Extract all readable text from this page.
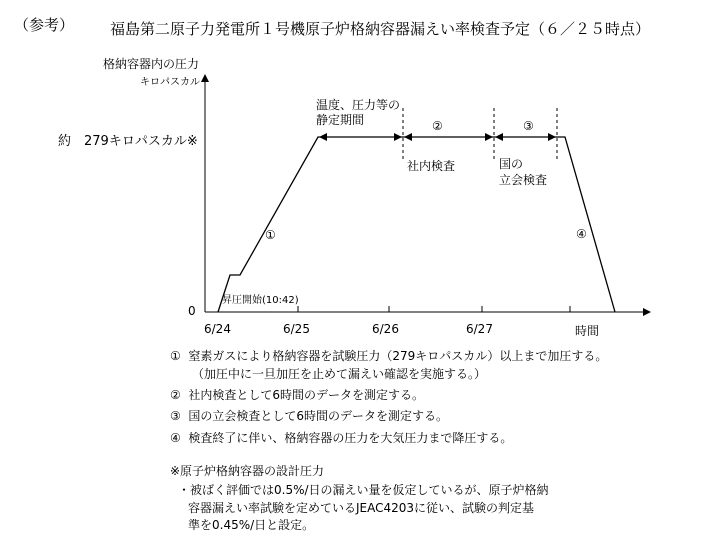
（参考） 福島第二原子力発電所１号機原子炉格納容器漏えい率検査予定（６／２５時点）
格納容器内の圧力
キロパスカル
約　279キロパスカル※
0
6/24	6/25	6/26	6/27	時間
温度、圧力等の
静定期間	②	③
社内検査	国の
立会検査
①	④
昇圧開始(10:42)
① 窒素ガスにより格納容器を試験圧力（279キロパスカル）以上まで加圧する。
（加圧中に一旦加圧を止めて漏えい確認を実施する。）
② 社内検査として6時間のデータを測定する。
③ 国の立会検査として6時間のデータを測定する。
④ 検査終了に伴い、格納容器の圧力を大気圧力まで降圧する。
※原子炉格納容器の設計圧力
・被ばく評価では0.5%/日の漏えい量を仮定しているが、原子炉格納
容器漏えい率試験を定めているJEAC4203に従い、試験の判定基
準を0.45%/日と設定。
